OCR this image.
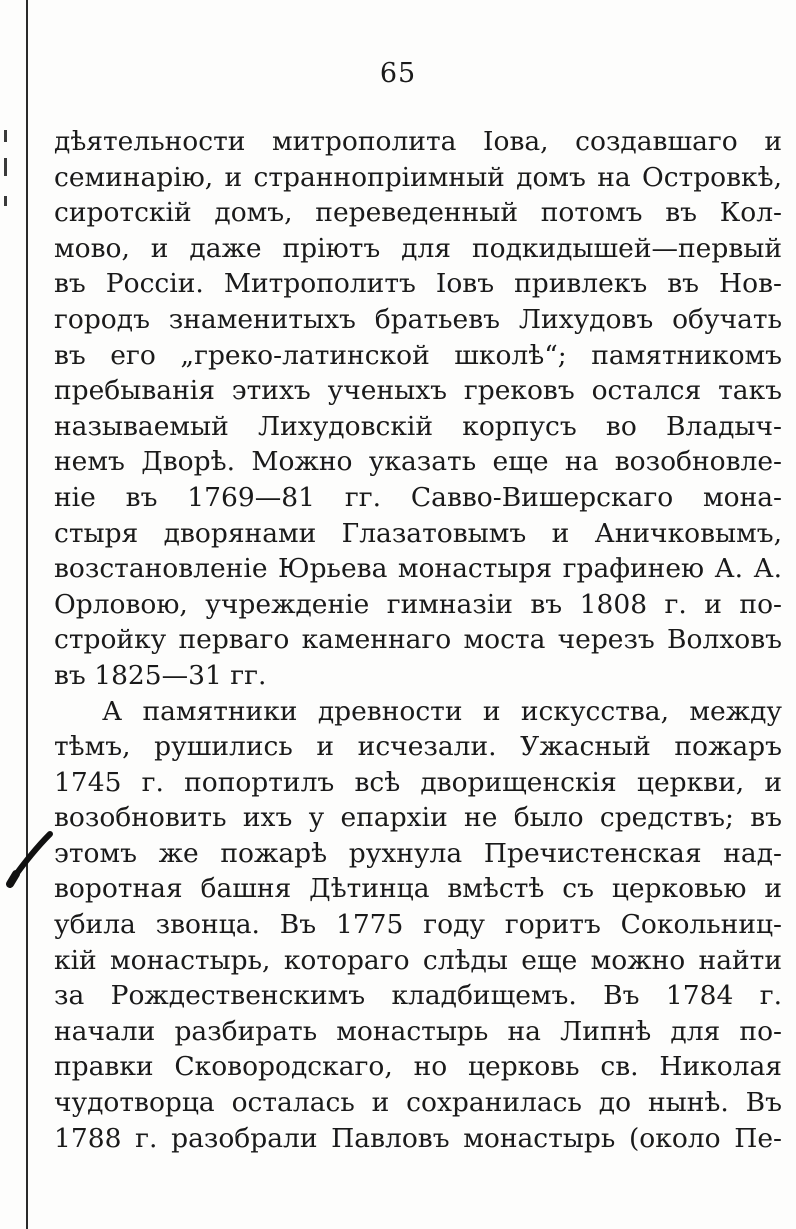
65
дѣятельности митрополита Іова, создавшаго и
семинарію, и страннопріимный домъ на Островкѣ,
сиротскій домъ, переведенный потомъ въ Кол-
мово, и даже пріютъ для подкидышей—первый
въ Россіи. Митрополитъ Іовъ привлекъ въ Нов-
городъ знаменитыхъ братьевъ Лихудовъ обучать
въ его „греко-латинской школѣ“; памятникомъ
пребыванія этихъ ученыхъ грековъ остался такъ
называемый Лихудовскій корпусъ во Владыч-
немъ Дворѣ. Можно указать еще на возобновле-
ніе въ 1769—81 гг. Савво-Вишерскаго мона-
стыря дворянами Глазатовымъ и Аничковымъ,
возстановленіе Юрьева монастыря графинею А. А.
Орловою, учрежденіе гимназіи въ 1808 г. и по-
стройку перваго каменнаго моста черезъ Волховъ
въ 1825—31 гг.
А памятники древности и искусства, между
тѣмъ, рушились и исчезали. Ужасный пожаръ
1745 г. попортилъ всѣ дворищенскія церкви, и
возобновить ихъ у епархіи не было средствъ; въ
этомъ же пожарѣ рухнула Пречистенская над-
воротная башня Дѣтинца вмѣстѣ съ церковью и
убила звонца. Въ 1775 году горитъ Сокольниц-
кій монастырь, котораго слѣды еще можно найти
за Рождественскимъ кладбищемъ. Въ 1784 г.
начали разбирать монастырь на Липнѣ для по-
правки Сковородскаго, но церковь св. Николая
чудотворца осталась и сохранилась до нынѣ. Въ
1788 г. разобрали Павловъ монастырь (около Пе-
